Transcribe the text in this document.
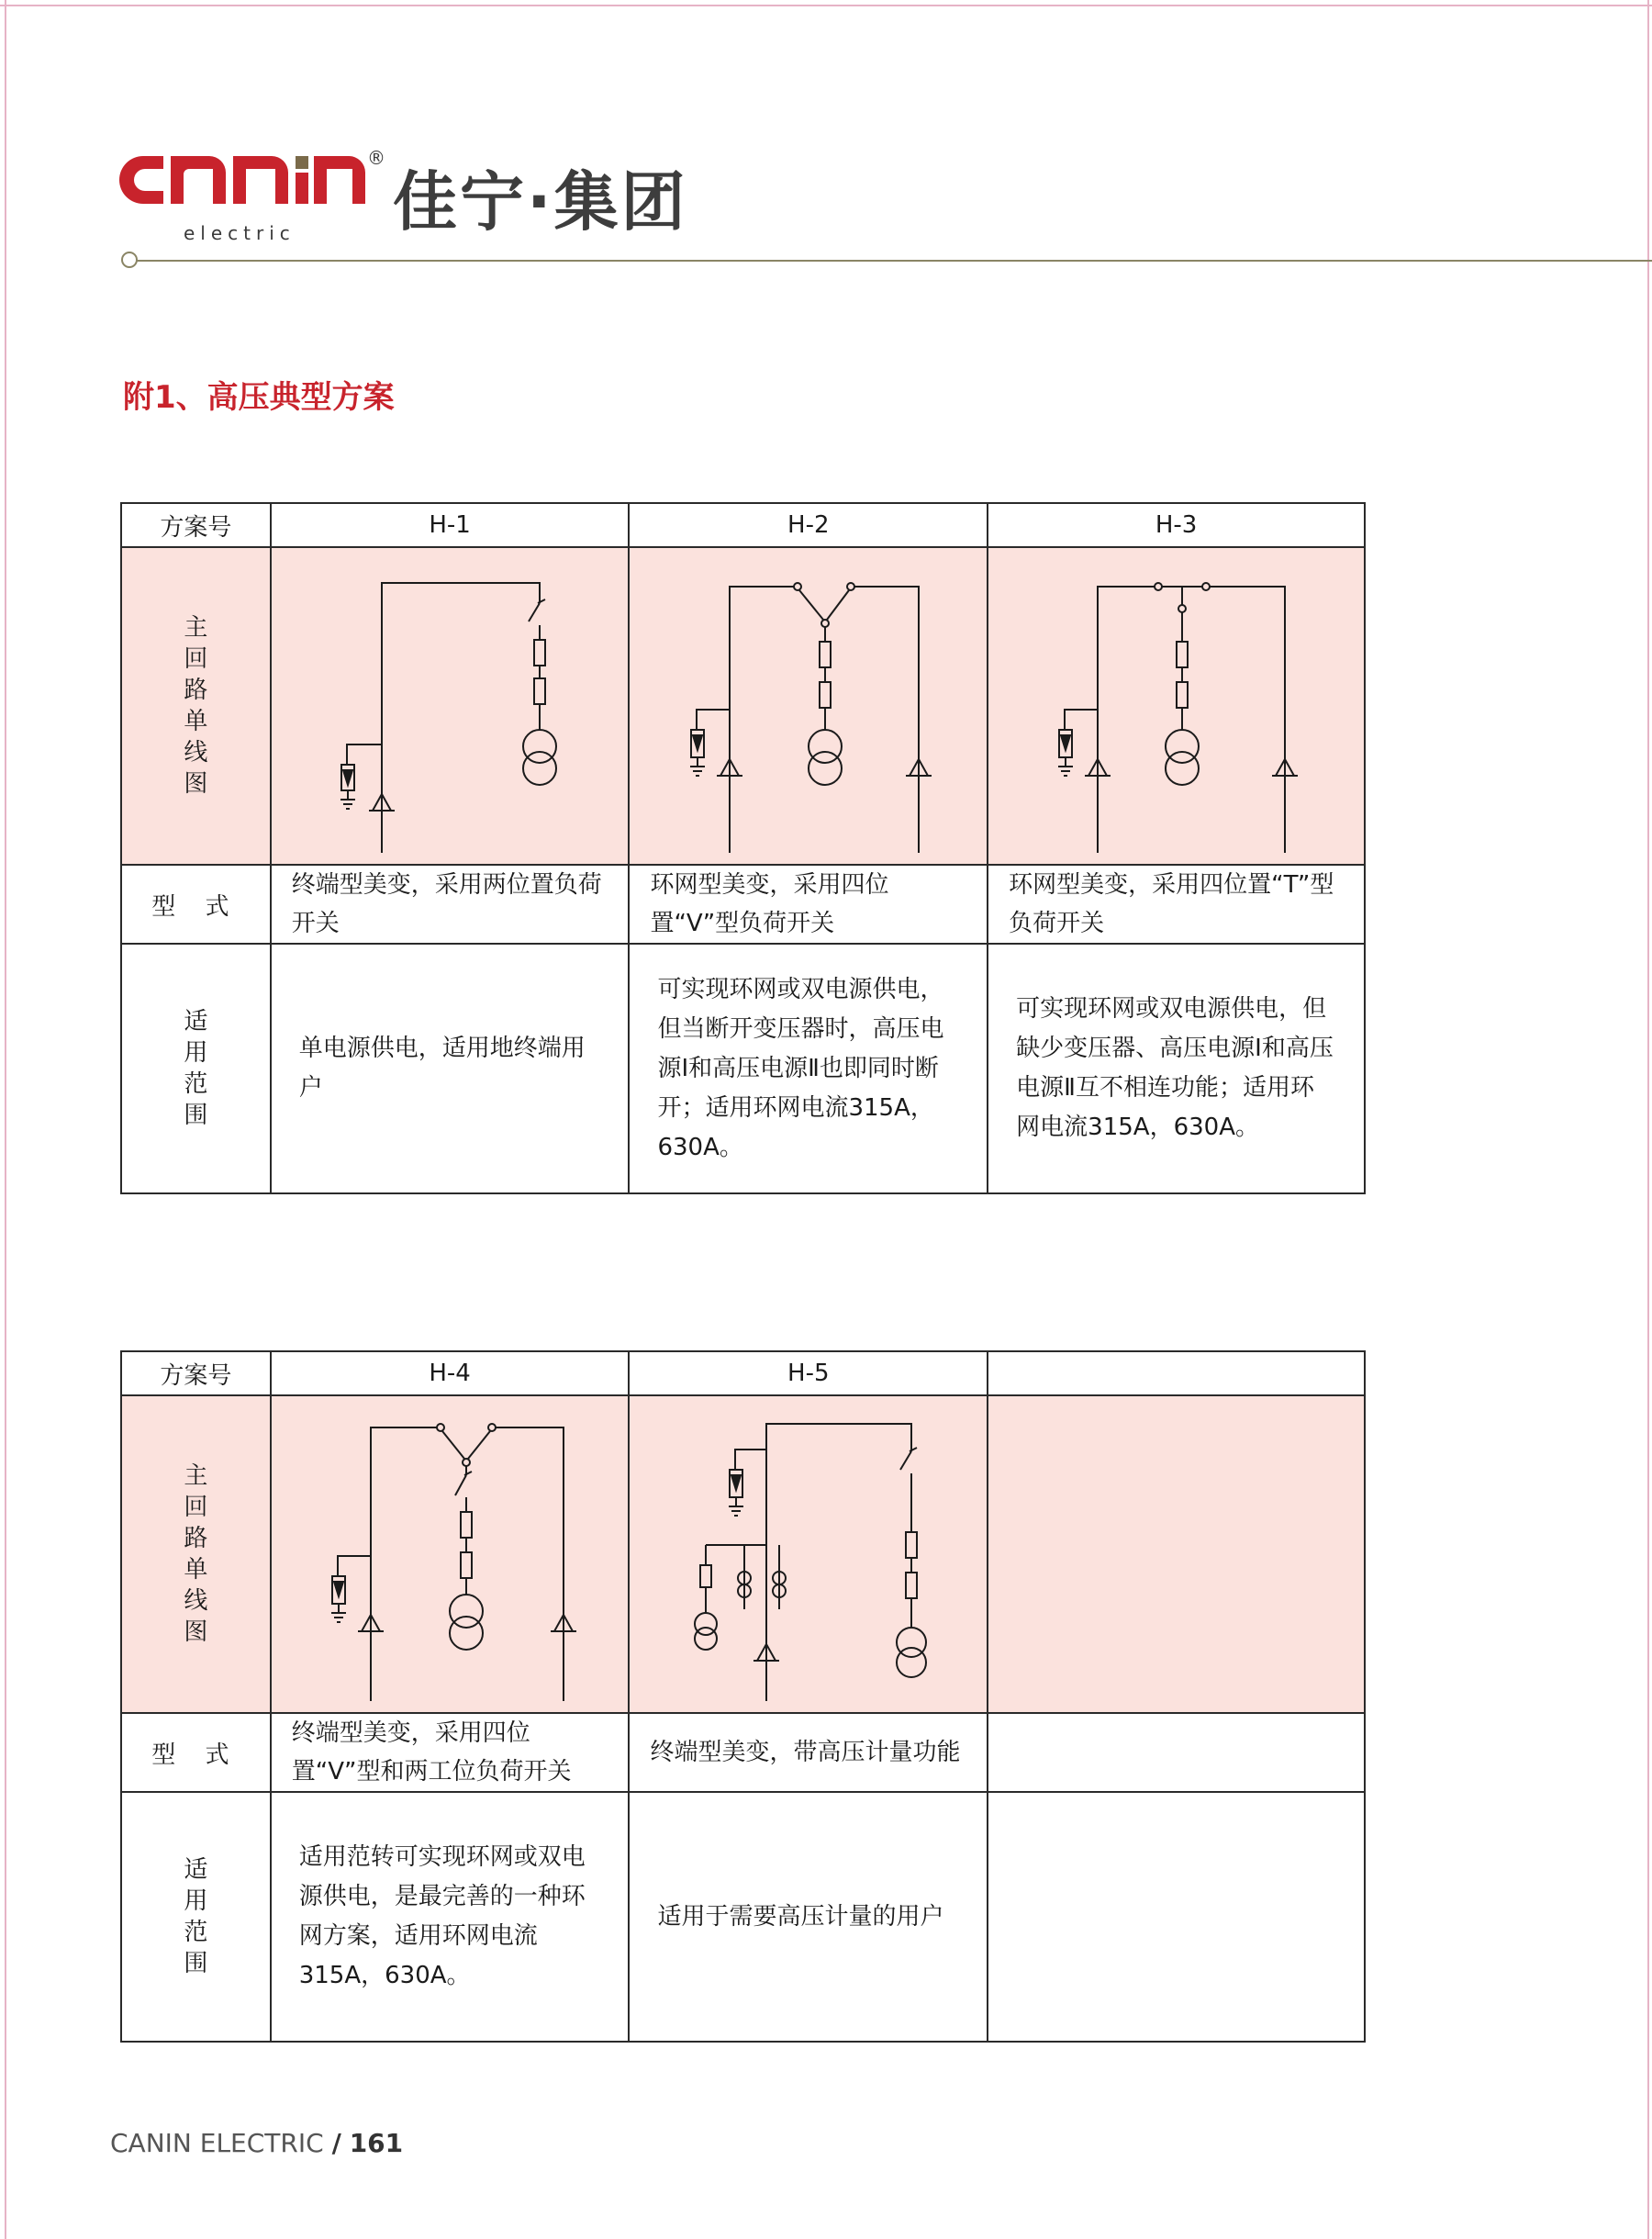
®
electric 佳宁·集团
附1、高压典型方案
方案号	H-1	H-2	H-3
主回路单线图	

型 式	终端型美变，采用两位置负荷开关	环网型美变，采用四位置“V”型负荷开关	环网型美变，采用四位置“T”型负荷开关
适用范围	单电源供电，适用地终端用户	可实现环网或双电源供电，但当断开变压器时，高压电源Ⅰ和高压电源Ⅱ也即同时断开；适用环网电流315A，630A。	可实现环网或双电源供电，但缺少变压器、高压电源Ⅰ和高压电源Ⅱ互不相连功能；适用环网电流315A，630A。
方案号	H-4	H-5	
主回路单线图	

型 式	终端型美变，采用四位置“V”型和两工位负荷开关	终端型美变，带高压计量功能	
适用范围	适用范转可实现环网或双电源供电，是最完善的一种环网方案，适用环网电流315A，630A。	适用于需要高压计量的用户	
CANIN ELECTRIC / 161
